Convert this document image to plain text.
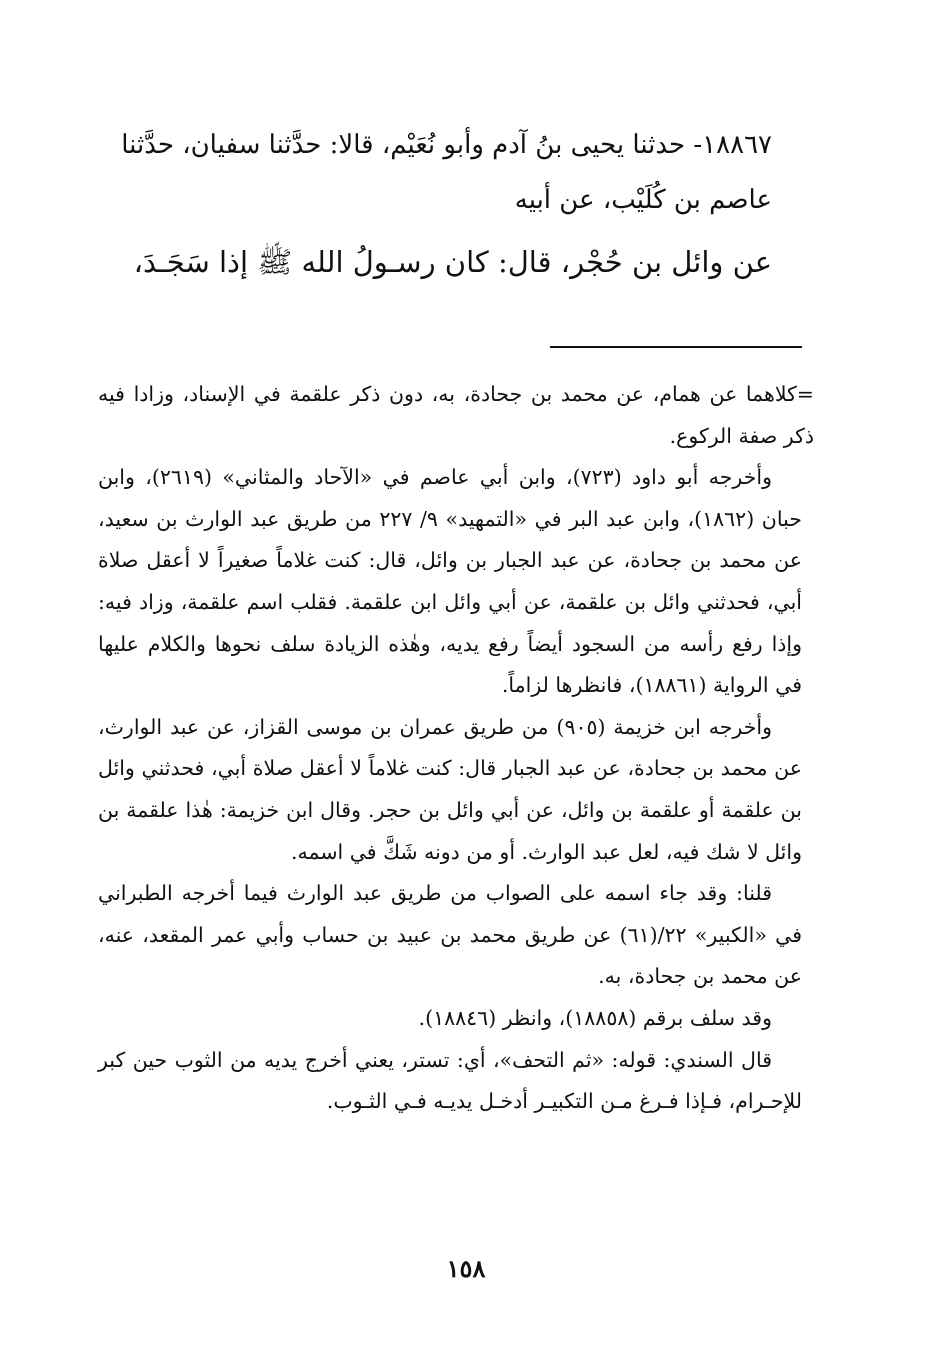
١٨٨٦٧- حدثنا يحيى بنُ آدم وأبو نُعَيْم، قالا: حدَّثنا سفيان، حدَّثنا

عاصم بن كُلَيْب، عن أبيه

عن وائل بن حُجْر، قال: كان رسـولُ الله ﷺ إذا سَجَـدَ،

=كلاهما عن همام، عن محمد بن جحادة، به، دون ذكر علقمة في الإسناد، وزادا فيه ذكر صفة الركوع.

وأخرجه أبو داود (٧٢٣)، وابن أبي عاصم في «الآحاد والمثاني» (٢٦١٩)، وابن حبان (١٨٦٢)، وابن عبد البر في «التمهيد» ٩/ ٢٢٧ من طريق عبد الوارث بن سعيد، عن محمد بن جحادة، عن عبد الجبار بن وائل، قال: كنت غلاماً صغيراً لا أعقل صلاة أبي، فحدثني وائل بن علقمة، عن أبي وائل ابن علقمة. فقلب اسم علقمة، وزاد فيه: وإذا رفع رأسه من السجود أيضاً رفع يديه، وهٰذه الزيادة سلف نحوها والكلام عليها في الرواية (١٨٨٦١)، فانظرها لزاماً.

وأخرجه ابن خزيمة (٩٠٥) من طريق عمران بن موسى القزاز، عن عبد الوارث، عن محمد بن جحادة، عن عبد الجبار قال: كنت غلاماً لا أعقل صلاة أبي، فحدثني وائل بن علقمة أو علقمة بن وائل، عن أبي وائل بن حجر. وقال ابن خزيمة: هٰذا علقمة بن وائل لا شك فيه، لعل عبد الوارث. أو من دونه شَكَّ في اسمه.

قلنا: وقد جاء اسمه على الصواب من طريق عبد الوارث فيما أخرجه الطبراني في «الكبير» ٢٢/(٦١) عن طريق محمد بن عبيد بن حساب وأبي عمر المقعد، عنه، عن محمد بن جحادة، به.

وقد سلف برقم (١٨٨٥٨)، وانظر (١٨٨٤٦).

قال السندي: قوله: «ثم التحف»، أي: تستر، يعني أخرج يديه من الثوب حين كبر للإحـرام، فـإذا فـرغ مـن التكبيـر أدخـل يديـه فـي الثـوب.

١٥٨
